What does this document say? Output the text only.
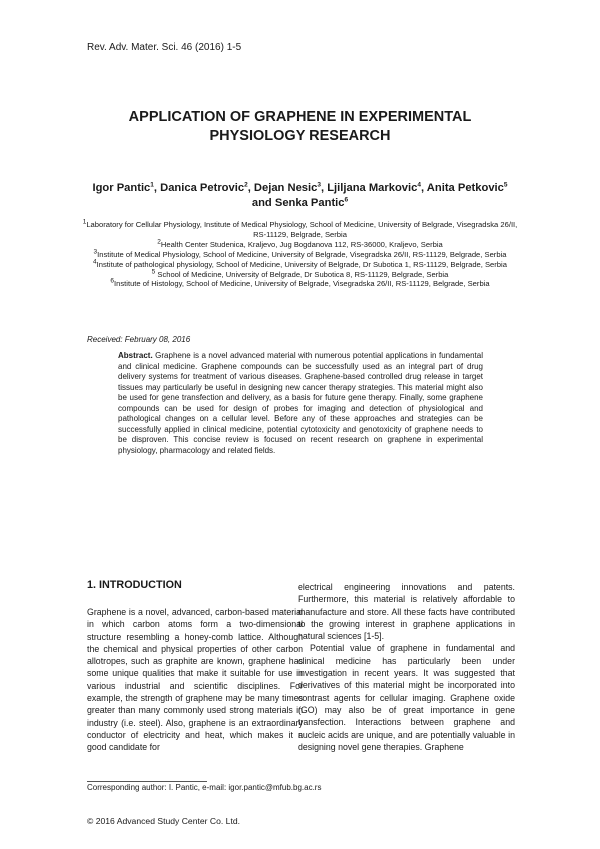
Rev. Adv. Mater. Sci. 46 (2016) 1-5
APPLICATION OF GRAPHENE IN EXPERIMENTAL
PHYSIOLOGY RESEARCH
Igor Pantic$^1$, Danica Petrovic$^2$, Dejan Nesic$^3$, Ljiljana Markovic$^4$, Anita Petkovic$^5$
and Senka Pantic$^6$

$^1$Laboratory for Cellular Physiology, Institute of Medical Physiology, School of Medicine, University of Belgrade, Visegradska 26/II, RS-11129, Belgrade, Serbia

$^2$Health Center Studenica, Kraljevo, Jug Bogdanova 112, RS-36000, Kraljevo, Serbia

$^3$Institute of Medical Physiology, School of Medicine, University of Belgrade, Visegradska 26/II, RS-11129, Belgrade, Serbia

$^4$Institute of pathological physiology, School of Medicine, University of Belgrade, Dr Subotica 1, RS-11129, Belgrade, Serbia

$^5$ School of Medicine, University of Belgrade, Dr Subotica 8, RS-11129, Belgrade, Serbia

$^6$Institute of Histology, School of Medicine, University of Belgrade, Visegradska 26/II, RS-11129, Belgrade, Serbia

Received: February 08, 2016
Abstract. Graphene is a novel advanced material with numerous potential applications in fundamental and clinical medicine. Graphene compounds can be successfully used as an integral part of drug delivery systems for treatment of various diseases. Graphene-based controlled drug release in target tissues may particularly be useful in designing new cancer therapy strategies. This material might also be used for gene transfection and delivery, as a basis for future gene therapy. Finally, some graphene compounds can be used for design of probes for imaging and detection of physiological and pathological changes on a cellular level. Before any of these approaches and strategies can be successfully applied in clinical medicine, potential cytotoxicity and genotoxicity of graphene needs to be disproven. This concise review is focused on recent research on graphene in experimental physiology, pharmacology and related fields.
1. INTRODUCTION

Graphene is a novel, advanced, carbon-based material in which carbon atoms form a two-dimensional structure resembling a honey-comb lattice. Although the chemical and physical properties of other carbon allotropes, such as graphite are known, graphene has some unique qualities that make it suitable for use in various industrial and scientific disciplines. For example, the strength of graphene may be many times greater than many commonly used strong materials in industry (i.e. steel). Also, graphene is an extraordinary conductor of electricity and heat, which makes it a good candidate for

electrical engineering innovations and patents. Furthermore, this material is relatively affordable to manufacture and store. All these facts have contributed to the growing interest in graphene applications in natural sciences [1-5].

Potential value of graphene in fundamental and clinical medicine has particularly been under investigation in recent years. It was suggested that derivatives of this material might be incorporated into contrast agents for cellular imaging. Graphene oxide (GO) may also be of great importance in gene transfection. Interactions between graphene and nucleic acids are unique, and are potentially valuable in designing novel gene therapies. Graphene

Corresponding author: I. Pantic, e-mail: igor.pantic@mfub.bg.ac.rs
© 2016 Advanced Study Center Co. Ltd.
